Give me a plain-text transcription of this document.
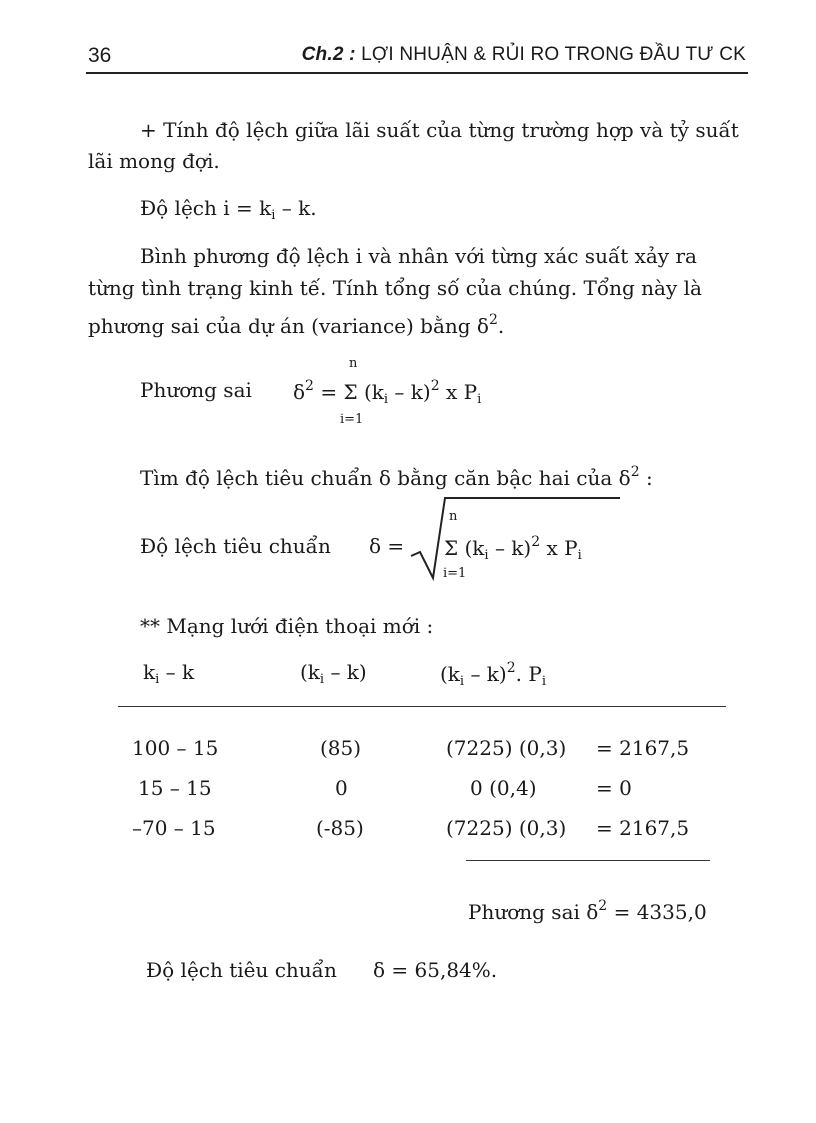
36	Ch.2 : LỢI NHUẬN & RỦI RO TRONG ĐẦU TƯ CK
+ Tính độ lệch giữa lãi suất của từng trường hợp và tỷ suất
lãi mong đợi.
Độ lệch $i = k_i - k$.
Bình phương độ lệch i và nhân với từng xác suất xảy ra
từng tình trạng kinh tế. Tính tổng số của chúng. Tổng này là
phương sai của dự án (variance) bằng $\delta^2$.
Phương sai
n
i=1
$\delta^2 = \Sigma$ $(k_i - k)^2$ x $P_i$
Tìm độ lệch tiêu chuẩn δ bằng căn bậc hai của $\delta^2$ :
Độ lệch tiêu chuẩn δ =
n
i=1
Σ $(k_i - k)^2$ x $P_i$
** Mạng lưới điện thoại mới :
$k_i$ – k	$(k_i - k)$	$(k_i - k)^2$. $P_i$
100 – 15	(85)	(7225) (0,3) = 2167,5
15 – 15	0	0 (0,4)	= 0
–70 – 15	(-85)	(7225) (0,3) = 2167,5
Phương sai $\delta^2 = 4335,0$
Độ lệch tiêu chuẩn δ = 65,84%.
